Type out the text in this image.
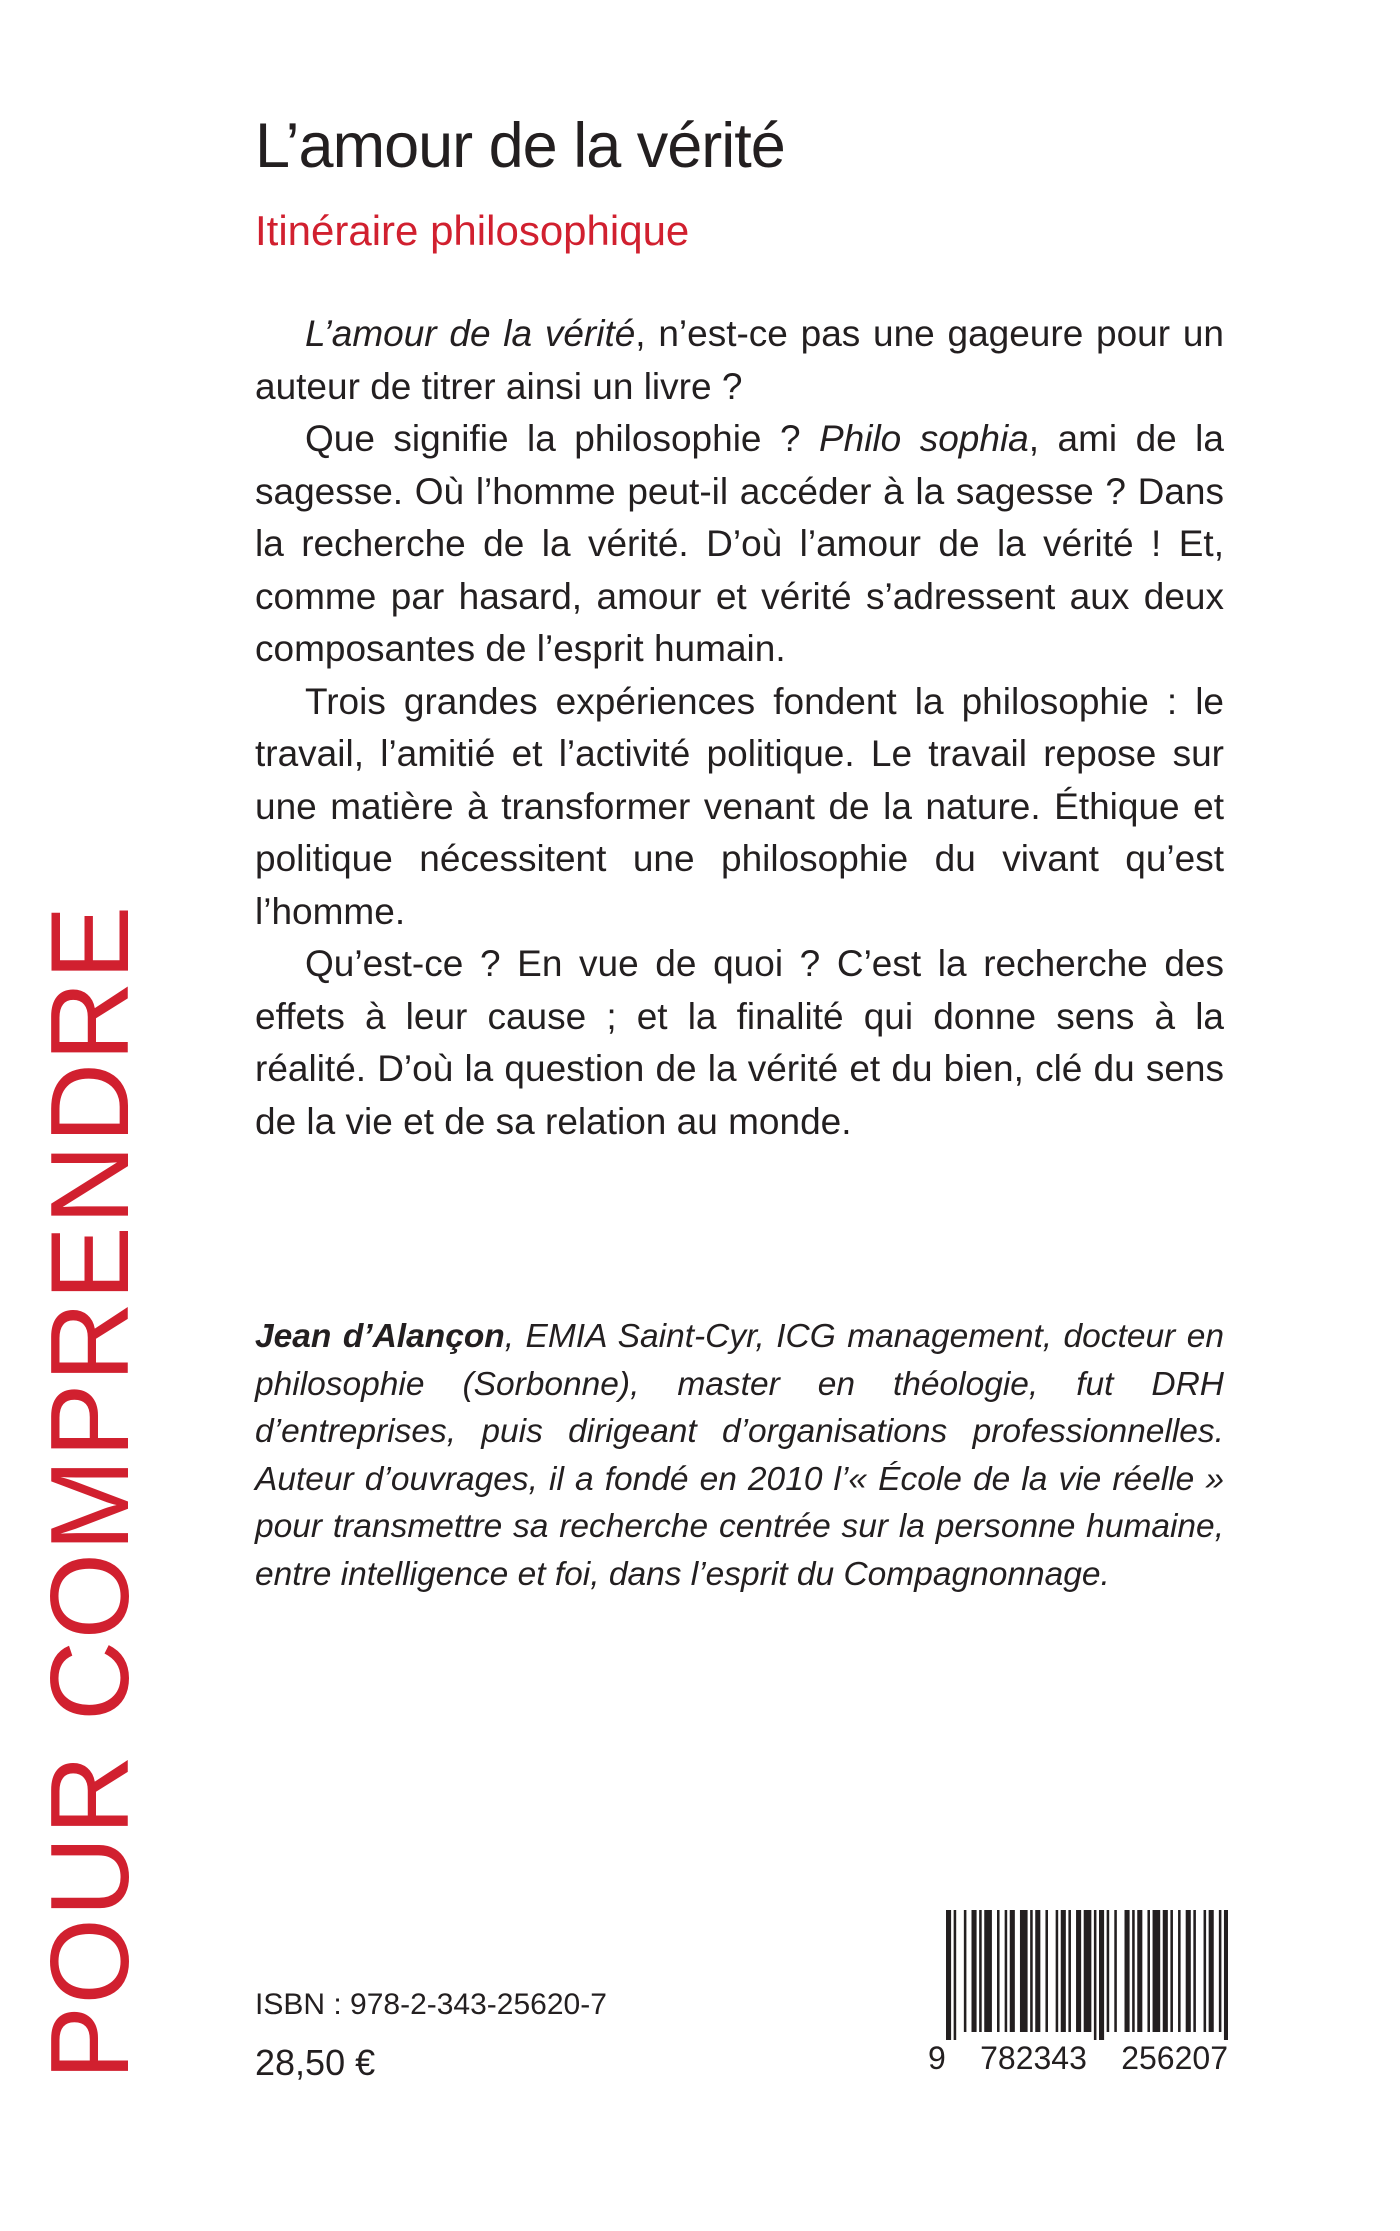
POUR COMPRENDRE
L’amour de la vérité
Itinéraire philosophique

L’amour de la vérité, n’est-ce pas une gageure pour un auteur de titrer ainsi un livre ?

Que signifie la philosophie ? Philo sophia, ami de la sagesse. Où l’homme peut-il accéder à la sagesse ? Dans la recherche de la vérité. D’où l’amour de la vérité ! Et, comme par hasard, amour et vérité s’adressent aux deux composantes de l’esprit humain.

Trois grandes expériences fondent la philosophie : le travail, l’amitié et l’activité politique. Le travail repose sur une matière à transformer venant de la nature. Éthique et politique nécessitent une philosophie du vivant qu’est l’homme.

Qu’est-ce ? En vue de quoi ? C’est la recherche des effets à leur cause ; et la finalité qui donne sens à la réalité. D’où la question de la vérité et du bien, clé du sens de la vie et de sa relation au monde.

Jean d’Alançon, EMIA Saint-Cyr, ICG management, docteur en philosophie (Sorbonne), master en théologie, fut DRH d’entreprises, puis dirigeant d’organisations professionnelles. Auteur d’ouvrages, il a fondé en 2010 l’« École de la vie réelle » pour transmettre sa recherche centrée sur la personne humaine, entre intelligence et foi, dans l’esprit du Compagnonnage.
ISBN : 978-2-343-25620-7
28,50 €	9 782343 256207
